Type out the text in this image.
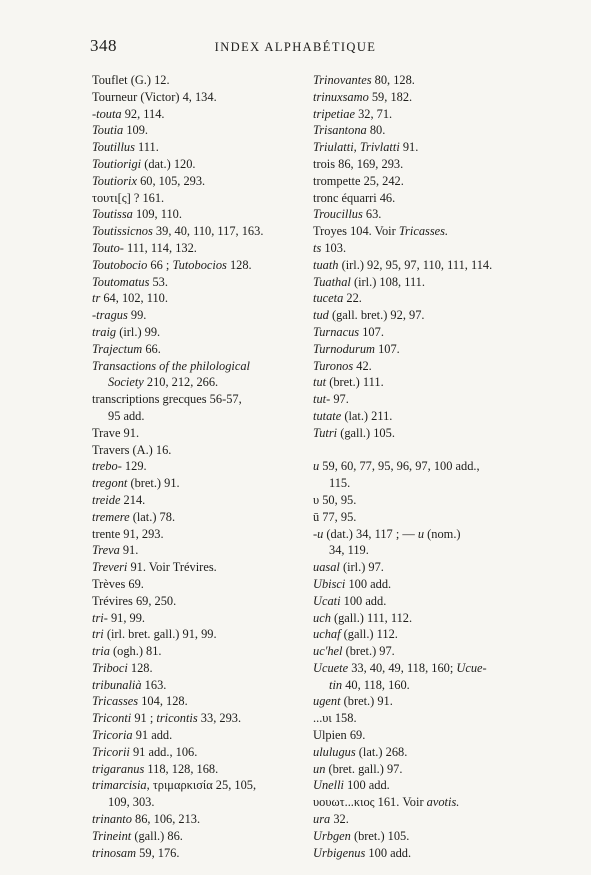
348	INDEX ALPHABÉTIQUE
Touflet (G.) 12.
Tourneur (Victor) 4, 134.
-touta 92, 114.
Toutia 109.
Toutillus 111.
Toutiorigi (dat.) 120.
Toutiorix 60, 105, 293.
τουτι[ς] ? 161.
Toutissa 109, 110.
Toutissicnos 39, 40, 110, 117, 163.
Touto- 111, 114, 132.
Toutobocio 66 ; Tutobocios 128.
Toutomatus 53.
tr 64, 102, 110.
-tragus 99.
traig (irl.) 99.
Trajectum 66.
Transactions of the philological
Society 210, 212, 266.
transcriptions grecques 56-57,
95 add.
Trave 91.
Travers (A.) 16.
trebo- 129.
tregont (bret.) 91.
treide 214.
tremere (lat.) 78.
trente 91, 293.
Treva 91.
Treveri 91. Voir Trévires.
Trèves 69.
Trévires 69, 250.
tri- 91, 99.
tri (irl. bret. gall.) 91, 99.
tria (ogh.) 81.
Triboci 128.
tribunalià 163.
Tricasses 104, 128.
Triconti 91 ; tricontis 33, 293.
Tricoria 91 add.
Tricorii 91 add., 106.
trigaranus 118, 128, 168.
trimarcisia, τριμαρκισία 25, 105,
109, 303.
trinanto 86, 106, 213.
Trineint (gall.) 86.
trinosam 59, 176.
Trinovantes 80, 128.
trinuxsamo 59, 182.
tripetiae 32, 71.
Trisantona 80.
Triulatti, Trivlatti 91.
trois 86, 169, 293.
trompette 25, 242.
tronc équarri 46.
Troucillus 63.
Troyes 104. Voir Tricasses.
ts 103.
tuath (irl.) 92, 95, 97, 110, 111, 114.
Tuathal (irl.) 108, 111.
tuceta 22.
tud (gall. bret.) 92, 97.
Turnacus 107.
Turnodurum 107.
Turonos 42.
tut (bret.) 111.
tut- 97.
tutate (lat.) 211.
Tutri (gall.) 105.
u 59, 60, 77, 95, 96, 97, 100 add.,
115.
υ 50, 95.
ū 77, 95.
-u (dat.) 34, 117 ; — u (nom.)
34, 119.
uasal (irl.) 97.
Ubisci 100 add.
Ucati 100 add.
uch (gall.) 111, 112.
uchaf (gall.) 112.
uc'hel (bret.) 97.
Ucuete 33, 40, 49, 118, 160; Ucue-
tin 40, 118, 160.
ugent (bret.) 91.
...υι 158.
Ulpien 69.
ululugus (lat.) 268.
un (bret. gall.) 97.
Unelli 100 add.
υουωτ...κιος 161. Voir avotis.
ura 32.
Urbgen (bret.) 105.
Urbigenus 100 add.
